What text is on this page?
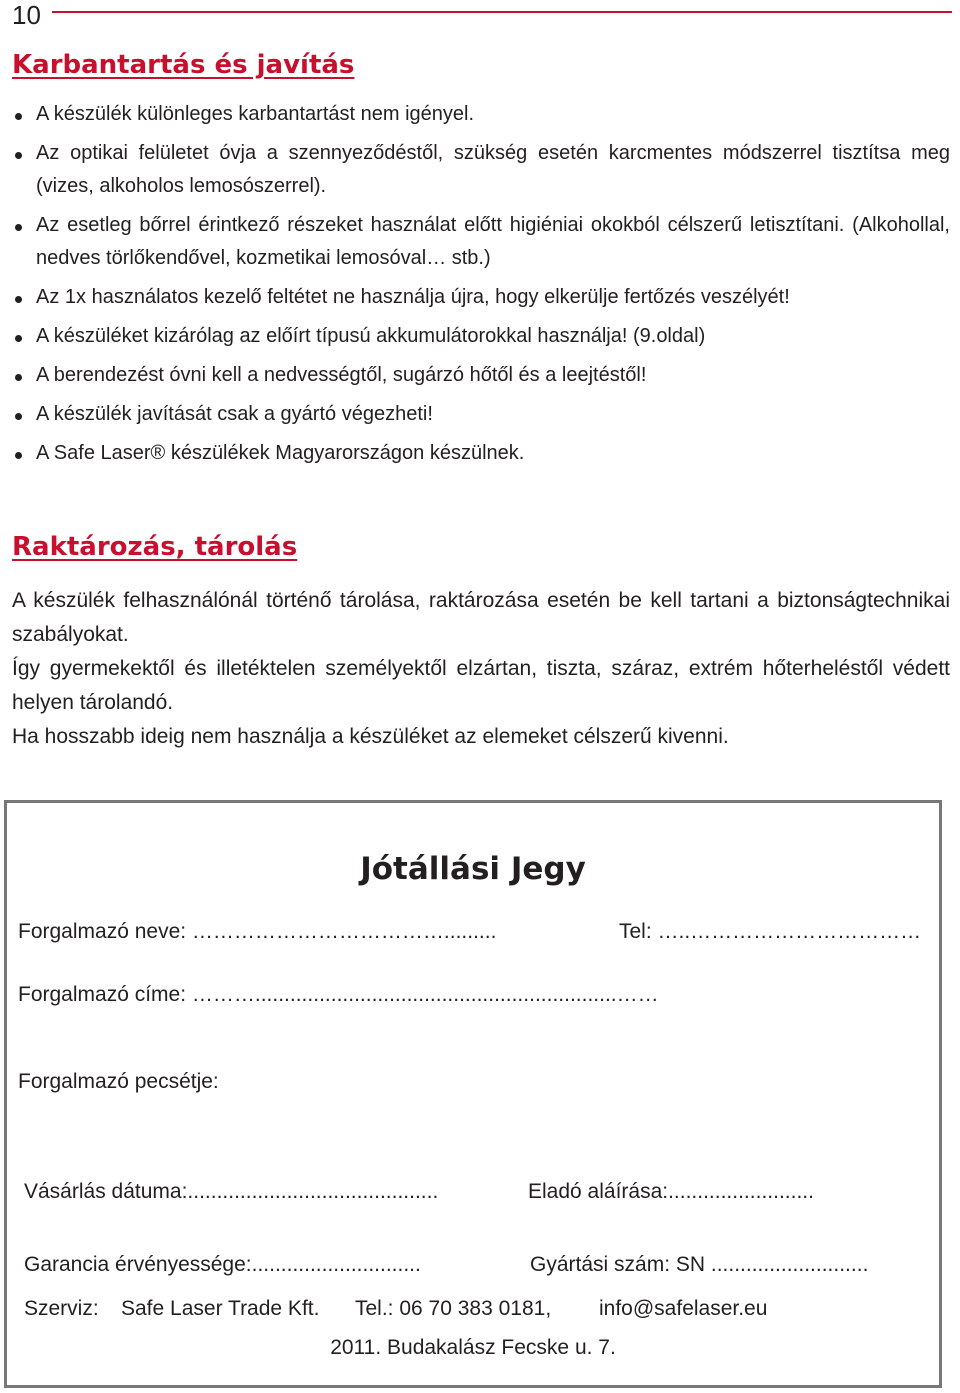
10
Karbantartás és javítás
A készülék különleges karbantartást nem igényel.
Az optikai felületet óvja a szennyeződéstől, szükség esetén karcmentes módszerrel tisztítsa meg (vizes, alkoholos lemosószerrel).
Az esetleg bőrrel érintkező részeket használat előtt higiéniai okokból célszerű letisztítani. (Alkohollal, nedves törlőkendővel, kozmetikai lemosóval… stb.)
Az 1x használatos kezelő feltétet ne használja újra, hogy elkerülje fertőzés veszélyét!
A készüléket kizárólag az előírt típusú akkumulátorokkal használja! (9.oldal)
A berendezést óvni kell a nedvességtől, sugárzó hőtől és a leejtéstől!
A készülék javítását csak a gyártó végezheti!
A Safe Laser® készülékek Magyarországon készülnek.
Raktározás, tárolás

A készülék felhasználónál történő tárolása, raktározása esetén be kell tartani a biztonságtechnikai szabályokat.

Így gyermekektől és illetéktelen személyektől elzártan, tiszta, száraz, extrém hőterheléstől védett helyen tárolandó.

Ha hosszabb ideig nem használja a készüléket az elemeket célszerű kivenni.

Jótállási Jegy
Forgalmazó neve: ……………………………….........	Tel: …..……………………………
Forgalmazó címe: ………..............................................................……
Forgalmazó pecsétje:
Vásárlás dátuma:...........................................	Eladó aláírása:.........................
Garancia érvényessége:.............................	Gyártási szám: SN ...........................
Szerviz: Safe Laser Trade Kft. Tel.: 06 70 383 0181, info@safelaser.eu
2011. Budakalász Fecske u. 7.
